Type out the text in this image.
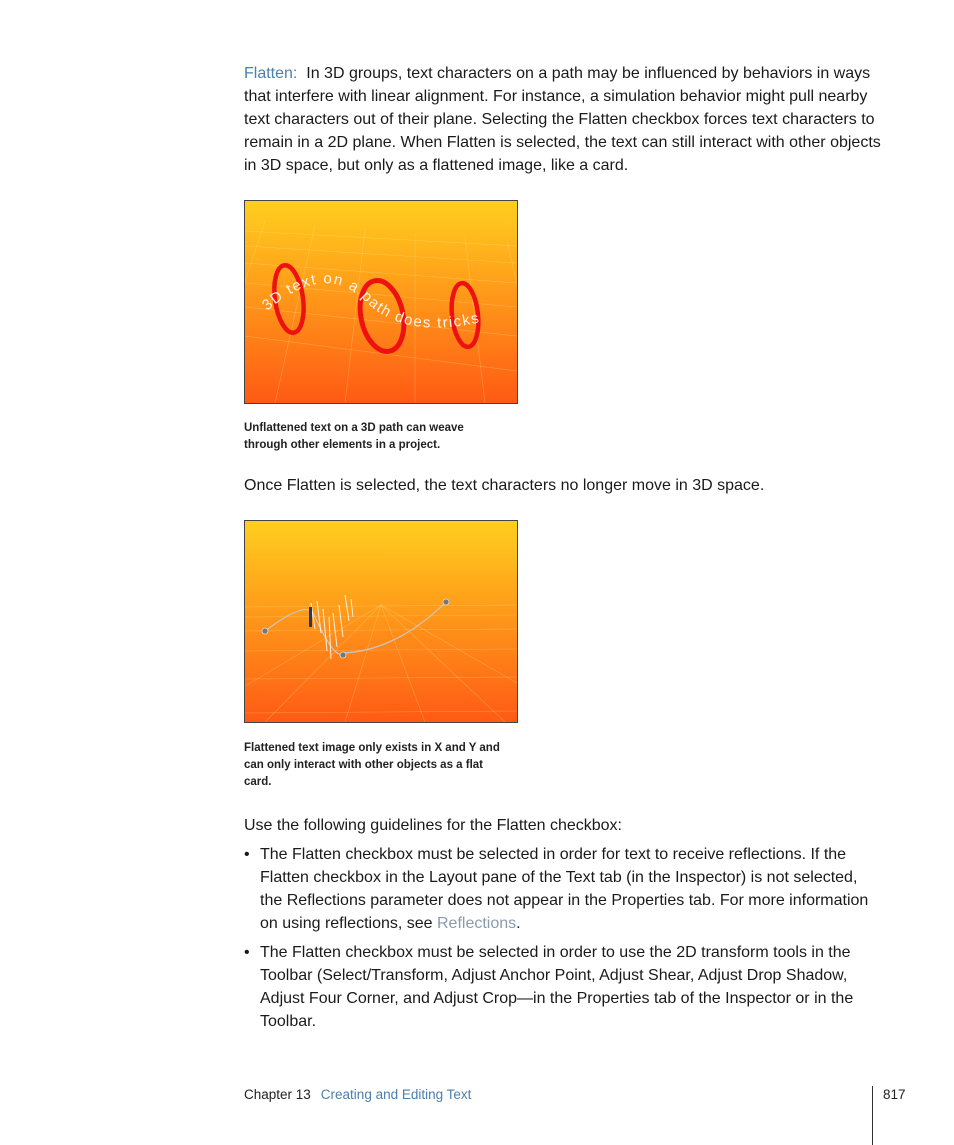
Flatten: In 3D groups, text characters on a path may be influenced by behaviors in ways that interfere with linear alignment. For instance, a simulation behavior might pull nearby text characters out of their plane. Selecting the Flatten checkbox forces text characters to remain in a 2D plane. When Flatten is selected, the text can still interact with other objects in 3D space, but only as a flattened image, like a card.

3D text on a path does tricks

Unflattened text on a 3D path can weave through other elements in a project.

Once Flatten is selected, the text characters no longer move in 3D space.

Flattened text image only exists in X and Y and can only interact with other objects as a flat card.

Use the following guidelines for the Flatten checkbox:

• The Flatten checkbox must be selected in order for text to receive reflections. If the Flatten checkbox in the Layout pane of the Text tab (in the Inspector) is not selected, the Reflections parameter does not appear in the Properties tab. For more information on using reflections, see Reflections.
• The Flatten checkbox must be selected in order to use the 2D transform tools in the Toolbar (Select/Transform, Adjust Anchor Point, Adjust Shear, Adjust Drop Shadow, Adjust Four Corner, and Adjust Crop—in the Properties tab of the Inspector or in the Toolbar.
Chapter 13 Creating and Editing Text	817
